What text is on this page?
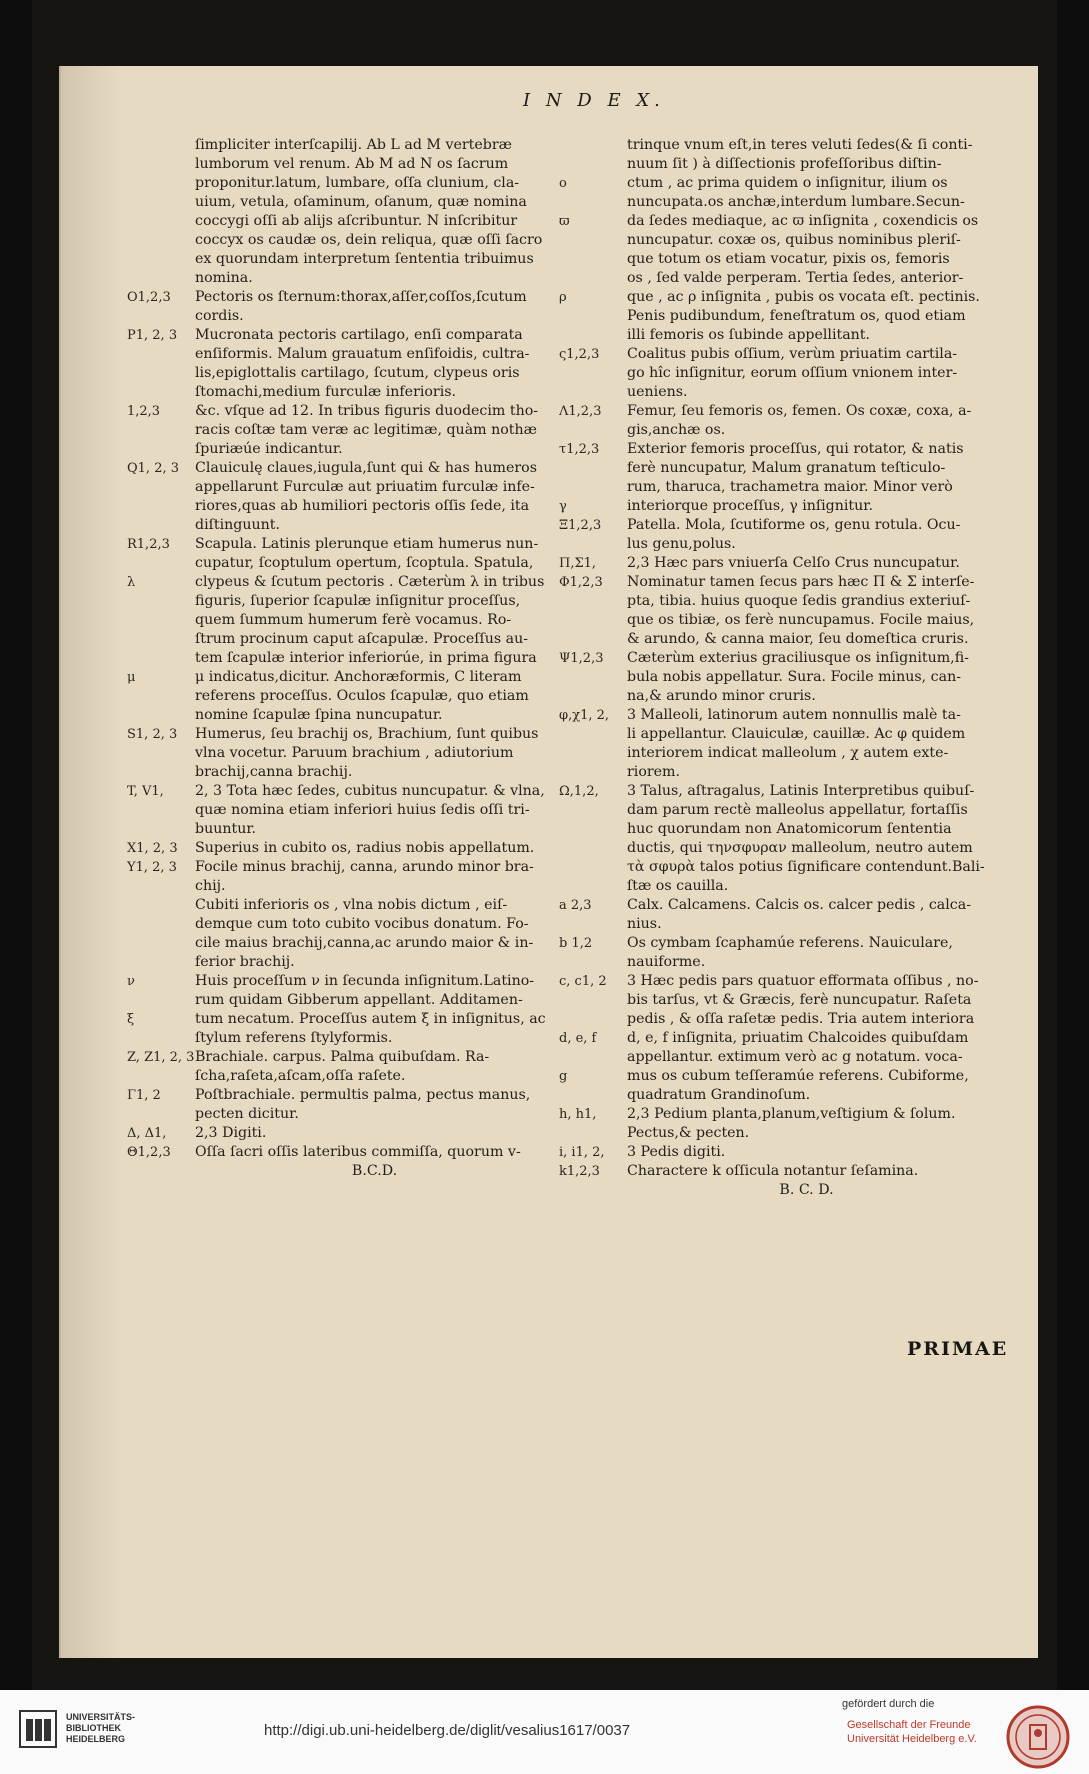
I N D E X.
ſimpliciter interſcapilij. Ab L ad M vertebræ
lumborum vel renum. Ab M ad N os ſacrum
proponitur.latum, lumbare, oſſa clunium, cla-
uium, vetula, oſaminum, oſanum, quæ nomina
coccygi oſſi ab alijs aſcribuntur. N inſcribitur
coccyx os caudæ os, dein reliqua, quæ oſſi ſacro
ex quorundam interpretum ſententia tribuimus
nomina.
O1,2,3 Pectoris os ſternum:thorax,aſſer,coſſos,ſcutum
cordis.
P1, 2, 3 Mucronata pectoris cartilago, enſi comparata
enſiformis. Malum grauatum enſifoidis, cultra-
lis,epiglottalis cartilago, ſcutum, clypeus oris
ſtomachi,medium furculæ inferioris.
1,2,3 &c. vſque ad 12. In tribus figuris duodecim tho-
racis coſtæ tam veræ ac legitimæ, quàm nothæ
ſpuriæúe indicantur.
Q1, 2, 3 Clauiculę claues,iugula,ſunt qui & has humeros
appellarunt Furculæ aut priuatim furculæ infe-
riores,quas ab humiliori pectoris oſſis ſede, ita
diſtinguunt.
R1,2,3 Scapula. Latinis plerunque etiam humerus nun-
cupatur, ſcoptulum opertum, ſcoptula. Spatula,
λ	clypeus & ſcutum pectoris . Cæterùm λ in tribus
figuris, ſuperior ſcapulæ inſignitur proceſſus,
quem ſummum humerum ferè vocamus. Ro-
ſtrum procinum caput aſcapulæ. Proceſſus au-
tem ſcapulæ interior inferiorúe, in prima figura
μ	μ indicatus,dicitur. Anchoræformis, C literam
referens proceſſus. Oculos ſcapulæ, quo etiam
nomine ſcapulæ ſpina nuncupatur.
S1, 2, 3 Humerus, ſeu brachij os, Brachium, ſunt quibus
vlna vocetur. Paruum brachium , adiutorium
brachij,canna brachij.
T, V1, 2, 3 Tota hæc ſedes, cubitus nuncupatur. & vlna,
quæ nomina etiam inferiori huius ſedis oſſi tri-
buuntur.
X1, 2, 3 Superius in cubito os, radius nobis appellatum.
Y1, 2, 3 Focile minus brachij, canna, arundo minor bra-
chij.
Cubiti inferioris os , vlna nobis dictum , eiſ-
demque cum toto cubito vocibus donatum. Fo-
cile maius brachij,canna,ac arundo maior & in-
ferior brachij.
ν	Huis proceſſum ν in ſecunda inſignitum.Latino-
rum quidam Gibberum appellant. Additamen-
ξ	tum necatum. Proceſſus autem ξ in inſignitus, ac
ſtylum referens ſtylyformis.
Z, Z1, 2, 3Brachiale. carpus. Palma quibuſdam. Ra-
ſcha,raſeta,aſcam,oſſa raſete.
Γ1, 2 Poſtbrachiale. permultis palma, pectus manus,
pecten dicitur.
Δ, Δ1, 2,3 Digiti.
Θ1,2,3 Oſſa ſacri oſſis lateribus commiſſa, quorum v-
B.C.D.
trinque vnum eſt,in teres veluti ſedes(& ſi conti-
nuum ſit ) à diſſectionis profeſſoribus diſtin-
o	ctum , ac prima quidem o inſignitur, ilium os
nuncupata.os anchæ,interdum lumbare.Secun-
ϖ	da ſedes mediaque, ac ϖ inſignita , coxendicis os
nuncupatur. coxæ os, quibus nominibus pleriſ-
que totum os etiam vocatur, pixis os, femoris
os , ſed valde perperam. Tertia ſedes, anterior-
ρ	que , ac ρ inſignita , pubis os vocata eſt. pectinis.
Penis pudibundum, feneſtratum os, quod etiam
illi femoris os ſubinde appellitant.
ς1,2,3 Coalitus pubis oſſium, verùm priuatim cartila-
go hîc inſignitur, eorum oſſium vnionem inter-
ueniens.
Λ1,2,3 Femur, ſeu femoris os, femen. Os coxæ, coxa, a-
gis,anchæ os.
τ1,2,3 Exterior femoris proceſſus, qui rotator, & natis
ferè nuncupatur, Malum granatum teſticulo-
rum, tharuca, trachametra maior. Minor verò
γ	interiorque proceſſus, γ inſignitur.
Ξ1,2,3 Patella. Mola, ſcutiforme os, genu rotula. Ocu-
lus genu,polus.
Π,Σ1, 2,3 Hæc pars vniuerſa Celſo Crus nuncupatur.
Φ1,2,3 Nominatur tamen ſecus pars hæc Π & Σ interſe-
pta, tibia. huius quoque ſedis grandius exteriuſ-
que os tibiæ, os ferè nuncupamus. Focile maius,
& arundo, & canna maior, ſeu domeſtica cruris.
Ψ1,2,3 Cæterùm exterius graciliusque os inſignitum,fi-
bula nobis appellatur. Sura. Focile minus, can-
na,& arundo minor cruris.
φ,χ1, 2, 3 Malleoli, latinorum autem nonnullis malè ta-
li appellantur. Clauiculæ, cauillæ. Ac φ quidem
interiorem indicat malleolum , χ autem exte-
riorem.
Ω,1,2, 3 Talus, aſtragalus, Latinis Interpretibus quibuſ-
dam parum rectè malleolus appellatur, fortaſſis
huc quorundam non Anatomicorum ſententia
ductis, qui τηνσφυραν malleolum, neutro autem
τὰ σφυρὰ talos potius ſignificare contendunt.Bali-
ſtæ os cauilla.
a 2,3 Calx. Calcamens. Calcis os. calcer pedis , calca-
nius.
b 1,2 Os cymbam ſcaphamúe referens. Nauiculare,
nauiforme.
c, c1, 2 3 Hæc pedis pars quatuor efformata oſſibus , no-
bis tarſus, vt & Græcis, ferè nuncupatur. Raſeta
pedis , & oſſa raſetæ pedis. Tria autem interiora
d, e, f d, e, f inſignita, priuatim Chalcoides quibuſdam
appellantur. extimum verò ac g notatum. voca-
g	mus os cubum teſſeramúe referens. Cubiforme,
quadratum Grandinoſum.
h, h1, 2,3 Pedium planta,planum,veſtigium & ſolum.
Pectus,& pecten.
i, i1, 2, 3 Pedis digiti.
k1,2,3 Charactere k oſſicula notantur ſeſamina.
B. C. D.
PRIMAE
UNIVERSITÄTS-
BIBLIOTHEK
HEIDELBERG	http://digi.ub.uni-heidelberg.de/diglit/vesalius1617/0037
gefördert durch die
Gesellschaft der Freunde
Universität Heidelberg e.V.
